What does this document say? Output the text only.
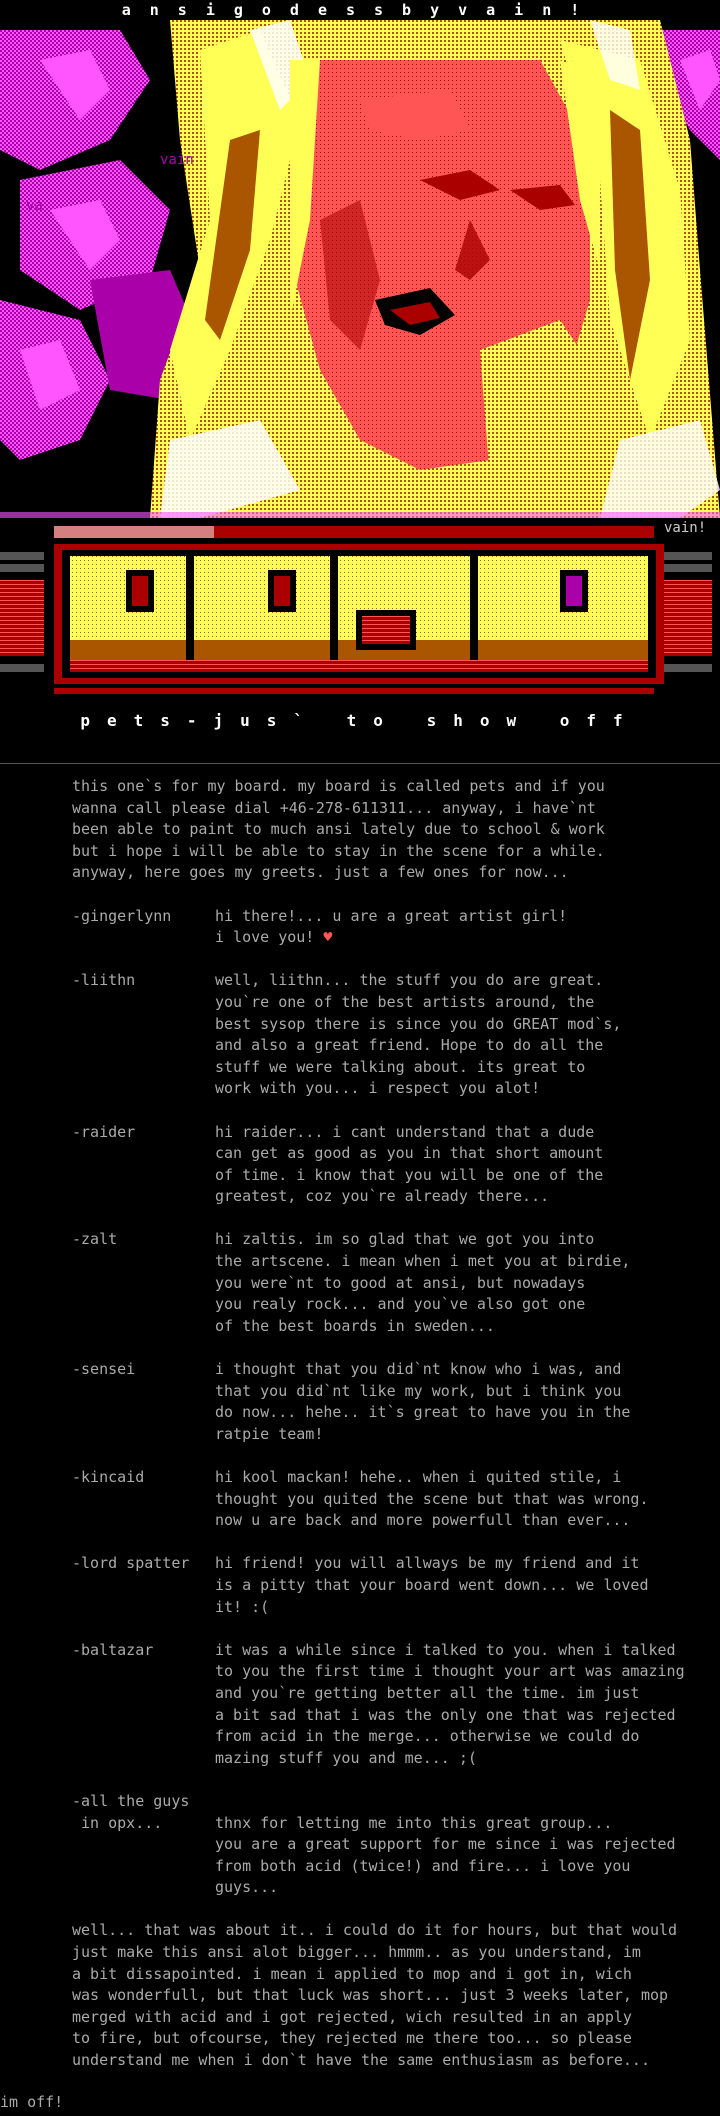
ansigodessbyvain!
vain
va
vain!
pets-jus` to show off

this one`s for my board. my board is called pets and if you
wanna call please dial +46-278-611311... anyway, i have`nt
been able to paint to much ansi lately due to school & work
but i hope i will be able to stay in the scene for a while.
anyway, here goes my greets. just a few ones for now...

-gingerlynn	hi there!... u are a great artist girl!
i love you! ♥
-liithn	well, liithn... the stuff you do are great.
you`re one of the best artists around, the
best sysop there is since you do GREAT mod`s,
and also a great friend. Hope to do all the
stuff we were talking about. its great to
work with you... i respect you alot!
-raider	hi raider... i cant understand that a dude
can get as good as you in that short amount
of time. i know that you will be one of the
greatest, coz you`re already there...
-zalt	hi zaltis. im so glad that we got you into
the artscene. i mean when i met you at birdie,
you were`nt to good at ansi, but nowadays
you realy rock... and you`ve also got one
of the best boards in sweden...
-sensei	i thought that you did`nt know who i was, and
that you did`nt like my work, but i think you
do now... hehe.. it`s great to have you in the
ratpie team!
-kincaid	hi kool mackan! hehe.. when i quited stile, i
thought you quited the scene but that was wrong.
now u are back and more powerfull than ever...
-lord spatter	hi friend! you will allways be my friend and it
is a pitty that your board went down... we loved
it! :(
-baltazar	it was a while since i talked to you. when i talked
to you the first time i thought your art was amazing
and you`re getting better all the time. im just
a bit sad that i was the only one that was rejected
from acid in the merge... otherwise we could do
mazing stuff you and me... ;(
-all the guys
in opx...	thnx for letting me into this great group...
you are a great support for me since i was rejected
from both acid (twice!) and fire... i love you
guys...

well... that was about it.. i could do it for hours, but that would
just make this ansi alot bigger... hmmm.. as you understand, im
a bit dissapointed. i mean i applied to mop and i got in, wich
was wonderfull, but that luck was short... just 3 weeks later, mop
merged with acid and i got rejected, wich resulted in an apply
to fire, but ofcourse, they rejected me there too... so please
understand me when i don`t have the same enthusiasm as before...

im off!
